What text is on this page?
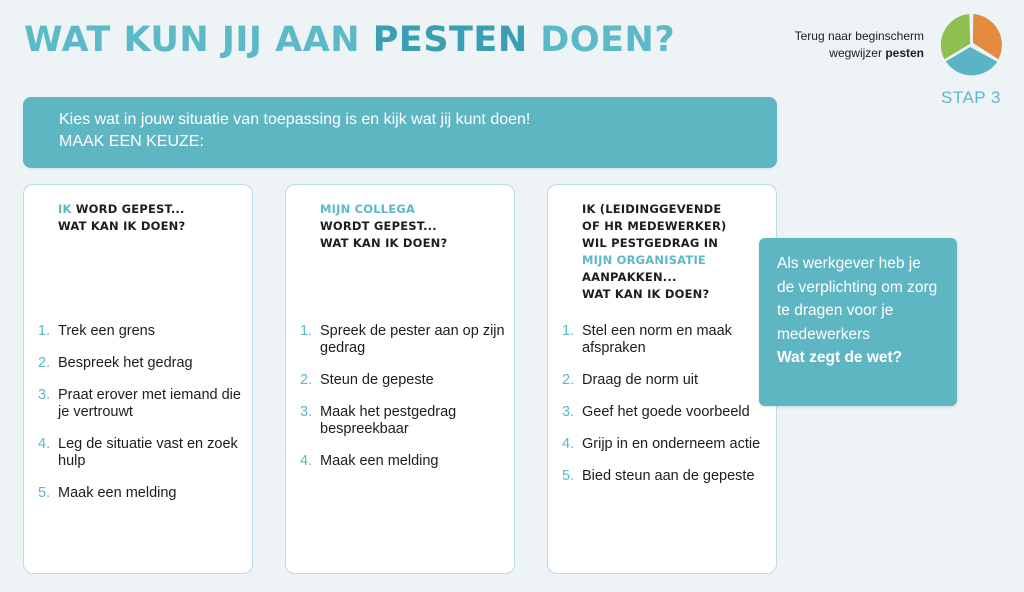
WAT KUN JIJ AAN PESTEN DOEN?	Terug naar beginscherm
wegwijzer pesten
STAP 3
Kies wat in jouw situatie van toepassing is en kijk wat jij kunt doen!
MAAK EEN KEUZE:
IK WORD GEPEST...
WAT KAN IK DOEN?
1. Trek een grens
2. Bespreek het gedrag
3. Praat erover met iemand die je vertrouwt
4. Leg de situatie vast en zoek hulp
5. Maak een melding
MIJN COLLEGA
WORDT GEPEST...
WAT KAN IK DOEN?
1. Spreek de pester aan op zijn gedrag
2. Steun de gepeste
3. Maak het pestgedrag bespreekbaar
4. Maak een melding
IK (LEIDINGGEVENDE
OF HR MEDEWERKER)
WIL PESTGEDRAG IN
MIJN ORGANISATIE
AANPAKKEN...
WAT KAN IK DOEN?
1. Stel een norm en maak afspraken
2. Draag de norm uit
3. Geef het goede voorbeeld
4. Grijp in en onderneem actie
5. Bied steun aan de gepeste
Als werkgever heb je de verplichting om zorg te dragen voor je medewerkers
Wat zegt de wet?
